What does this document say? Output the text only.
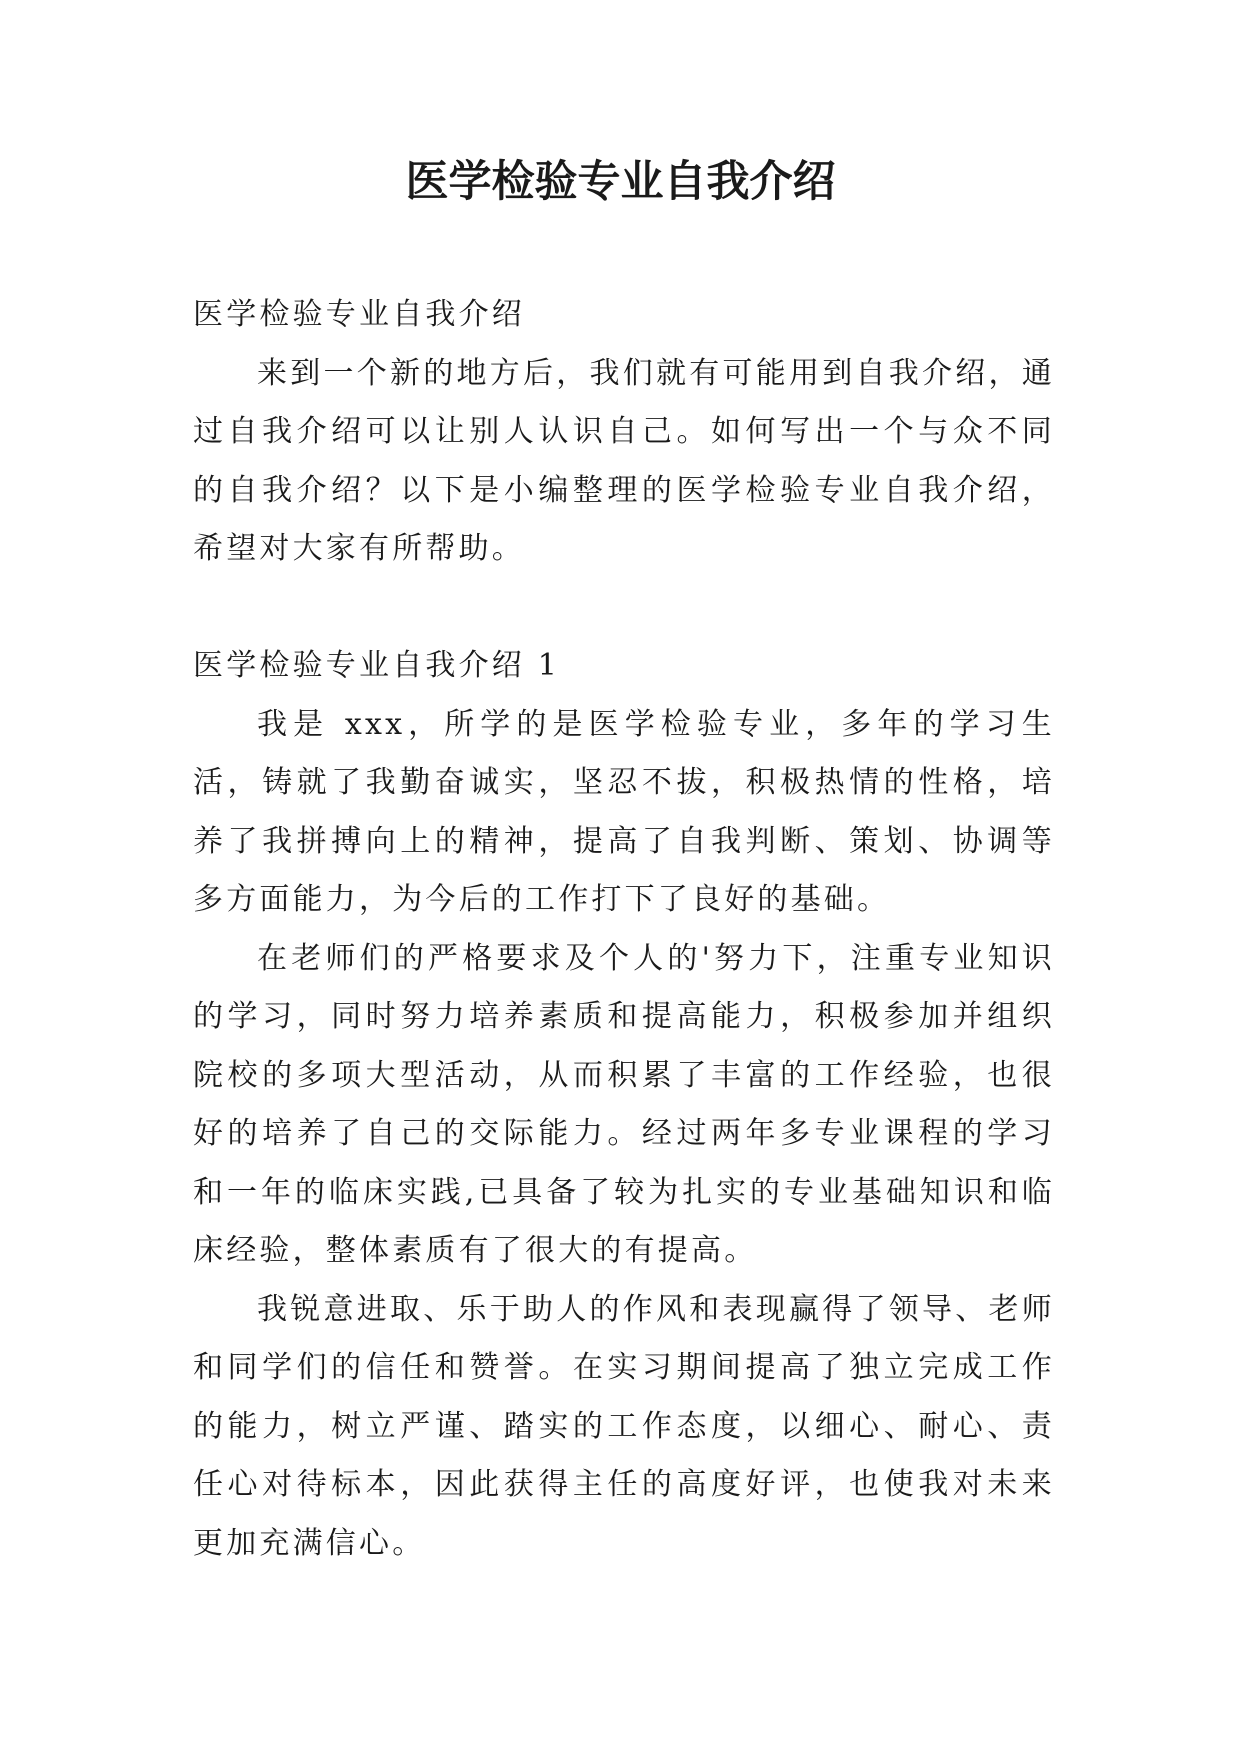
医学检验专业自我介绍

医学检验专业自我介绍

来到一个新的地方后，我们就有可能用到自我介绍，通过自我介绍可以让别人认识自己。如何写出一个与众不同的自我介绍？以下是小编整理的医学检验专业自我介绍，希望对大家有所帮助。

医学检验专业自我介绍 1

我是 xxx，所学的是医学检验专业，多年的学习生活，铸就了我勤奋诚实，坚忍不拔，积极热情的性格，培养了我拼搏向上的精神，提高了自我判断、策划、协调等多方面能力，为今后的工作打下了良好的基础。

在老师们的严格要求及个人的'努力下，注重专业知识的学习，同时努力培养素质和提高能力，积极参加并组织院校的多项大型活动，从而积累了丰富的工作经验，也很好的培养了自己的交际能力。经过两年多专业课程的学习和一年的临床实践,已具备了较为扎实的专业基础知识和临床经验，整体素质有了很大的有提高。

我锐意进取、乐于助人的作风和表现赢得了领导、老师和同学们的信任和赞誉。在实习期间提高了独立完成工作的能力，树立严谨、踏实的工作态度，以细心、耐心、责任心对待标本，因此获得主任的高度好评，也使我对未来更加充满信心。
